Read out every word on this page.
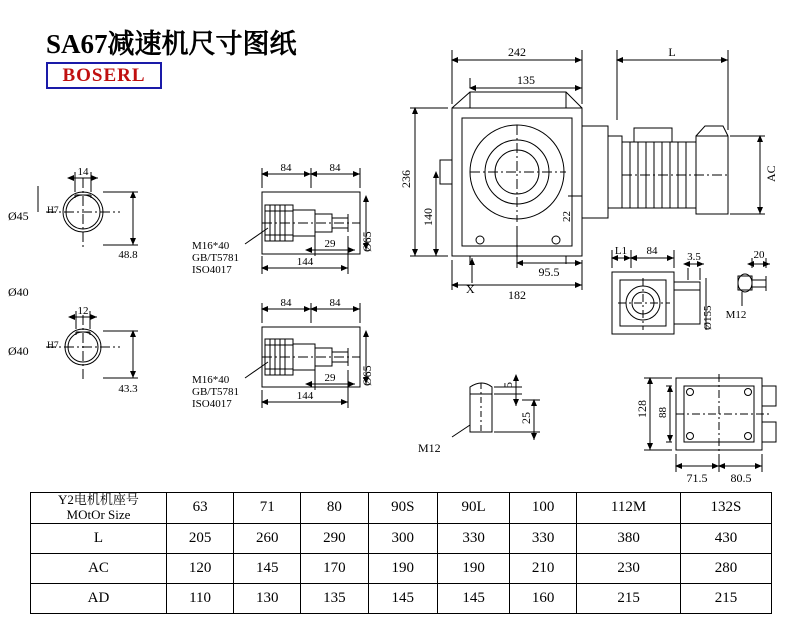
SA67减速机尺寸图纸
BOSERL
14
Ø45 H7
48.8
Ø40
12
Ø40 H7
43.3
84	84
29
144
Ø65
M16*40
GB/T5781
ISO4017
84	84
29
144
Ø65
M16*40
GB/T5781
ISO4017
242
135
L
236
140	22
95.5
182
X
AC
L1 84	3.5
Ø155
20
M12
128 88
71.5 80.5
5
25
M12
Y2电机机座号
MOtOr Size	63	71	80	90S	90L	100	112M	132S
L	205	260	290	300	330	330	380	430
AC	120	145	170	190	190	210	230	280
AD	110	130	135	145	145	160	215	215
